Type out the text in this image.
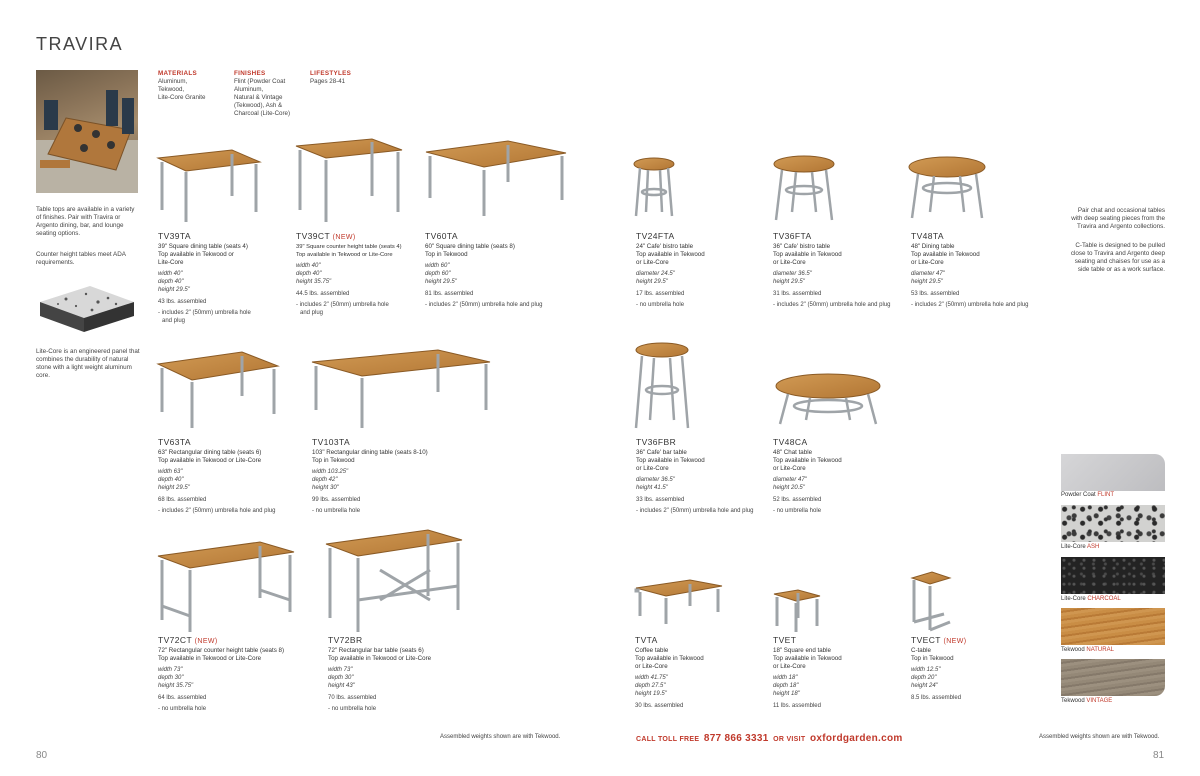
TRAVIRA
Table tops are available in a variety
of finishes. Pair with Travira or
Argento dining, bar, and lounge
seating options.
Counter height tables meet ADA
requirements.
Lite-Core is an engineered panel that
combines the durability of natural
stone with a light weight aluminum
core.
MATERIALS
Aluminum,
Tekwood,
Lite-Core Granite
FINISHES
Flint (Powder Coat
Aluminum,
Natural & Vintage
(Tekwood), Ash &
Charcoal (Lite-Core)
LIFESTYLES
Pages 28-41
TV39TA
39" Square dining table (seats 4)
Top available in Tekwood or
Lite-Core
width 40"
depth 40"
height 29.5"
43 lbs. assembled
- includes 2" (50mm) umbrella hole
and plug
TV39CT (NEW)
39" Square counter height table (seats 4)
Top available in Tekwood or Lite-Core
width 40"
depth 40"
height 35.75"
44.5 lbs. assembled
- includes 2" (50mm) umbrella hole
and plug
TV60TA
60" Square dining table (seats 8)
Top in Tekwood
width 60"
depth 60"
height 29.5"
81 lbs. assembled
- includes 2" (50mm) umbrella hole and plug
TV24FTA
24" Cafe' bistro table
Top available in Tekwood
or Lite-Core
diameter 24.5"
height 29.5"
17 lbs. assembled
- no umbrella hole
TV36FTA
36" Cafe' bistro table
Top available in Tekwood
or Lite-Core
diameter 36.5"
height 29.5"
31 lbs. assembled
- includes 2" (50mm) umbrella hole and plug
TV48TA
48" Dining table
Top available in Tekwood
or Lite-Core
diameter 47"
height 29.5"
53 lbs. assembled
- includes 2" (50mm) umbrella hole and plug
TV63TA
63" Rectangular dining table (seats 6)
Top available in Tekwood or Lite-Core
width 63"
depth 40"
height 29.5"
68 lbs. assembled
- includes 2" (50mm) umbrella hole and plug
TV103TA
103" Rectangular dining table (seats 8-10)
Top in Tekwood
width 103.25"
depth 42"
height 30"
99 lbs. assembled
- no umbrella hole
TV36FBR
36" Cafe' bar table
Top available in Tekwood
or Lite-Core
diameter 36.5"
height 41.5"
33 lbs. assembled
- includes 2" (50mm) umbrella hole and plug
TV48CA
48" Chat table
Top available in Tekwood
or Lite-Core
diameter 47"
height 20.5"
52 lbs. assembled
- no umbrella hole
TV72CT (NEW)
72" Rectangular counter height table (seats 8)
Top available in Tekwood or Lite-Core
width 73"
depth 30"
height 35.75"
64 lbs. assembled
- no umbrella hole
TV72BR
72" Rectangular bar table (seats 6)
Top available in Tekwood or Lite-Core
width 73"
depth 30"
height 43"
70 lbs. assembled
- no umbrella hole
TVTA
Coffee table
Top available in Tekwood
or Lite-Core
width 41.75"
depth 27.5"
height 19.5"
30 lbs. assembled
TVET
18" Square end table
Top available in Tekwood
or Lite-Core
width 18"
depth 18"
height 18"
11 lbs. assembled
TVECT (NEW)
C-table
Top in Tekwood
width 12.5"
depth 20"
height 24"
8.5 lbs. assembled
Pair chat and occasional tables
with deep seating pieces from the
Travira and Argento collections.
C-Table is designed to be pulled
close to Travira and Argento deep
seating and chaises for use as a
side table or as a work surface.
Powder Coat FLINT
Lite-Core ASH
Lite-Core CHARCOAL
Tekwood NATURAL
Tekwood VINTAGE
Assembled weights shown are with Tekwood.	Assembled weights shown are with Tekwood.
CALL TOLL FREE 877 866 3331 OR VISIT oxfordgarden.com
80	81
